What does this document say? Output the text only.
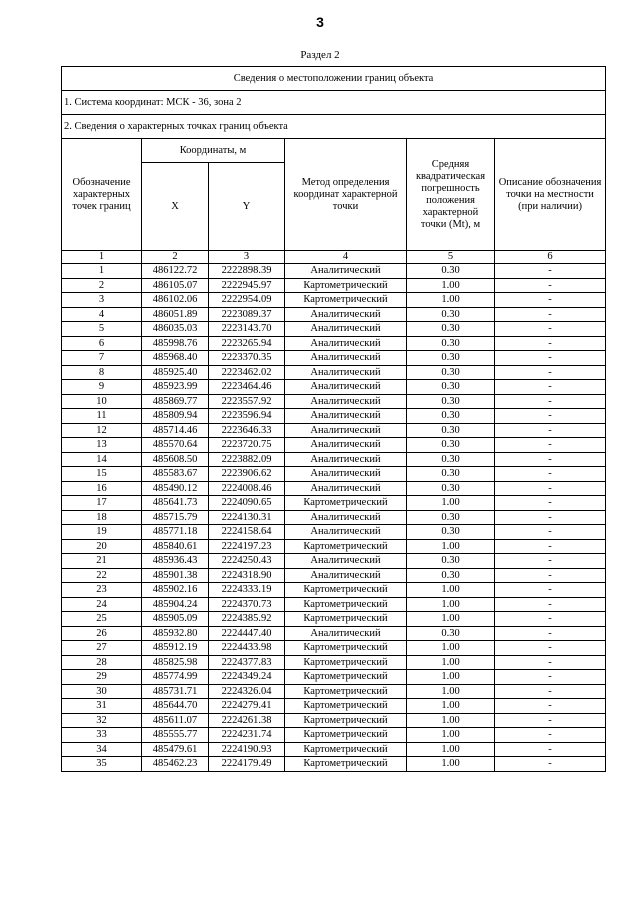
3
Раздел 2
Сведения о местоположении границ объекта					
1. Система координат: МСК - 36, зона 2					
2. Сведения о характерных точках границ объекта					
Обозначение характерных точек границ	Координаты, м		Метод определения координат характерной точки	Средняя квадратическая погрешность положения характерной точки (Mt), м	Описание обозначения точки на местности (при наличии)
	X	Y			
1	2	3	4	5	6
1	486122.72	2222898.39	Аналитический	0.30	-
2	486105.07	2222945.97	Картометрический	1.00	-
3	486102.06	2222954.09	Картометрический	1.00	-
4	486051.89	2223089.37	Аналитический	0.30	-
5	486035.03	2223143.70	Аналитический	0.30	-
6	485998.76	2223265.94	Аналитический	0.30	-
7	485968.40	2223370.35	Аналитический	0.30	-
8	485925.40	2223462.02	Аналитический	0.30	-
9	485923.99	2223464.46	Аналитический	0.30	-
10	485869.77	2223557.92	Аналитический	0.30	-
11	485809.94	2223596.94	Аналитический	0.30	-
12	485714.46	2223646.33	Аналитический	0.30	-
13	485570.64	2223720.75	Аналитический	0.30	-
14	485608.50	2223882.09	Аналитический	0.30	-
15	485583.67	2223906.62	Аналитический	0.30	-
16	485490.12	2224008.46	Аналитический	0.30	-
17	485641.73	2224090.65	Картометрический	1.00	-
18	485715.79	2224130.31	Аналитический	0.30	-
19	485771.18	2224158.64	Аналитический	0.30	-
20	485840.61	2224197.23	Картометрический	1.00	-
21	485936.43	2224250.43	Аналитический	0.30	-
22	485901.38	2224318.90	Аналитический	0.30	-
23	485902.16	2224333.19	Картометрический	1.00	-
24	485904.24	2224370.73	Картометрический	1.00	-
25	485905.09	2224385.92	Картометрический	1.00	-
26	485932.80	2224447.40	Аналитический	0.30	-
27	485912.19	2224433.98	Картометрический	1.00	-
28	485825.98	2224377.83	Картометрический	1.00	-
29	485774.99	2224349.24	Картометрический	1.00	-
30	485731.71	2224326.04	Картометрический	1.00	-
31	485644.70	2224279.41	Картометрический	1.00	-
32	485611.07	2224261.38	Картометрический	1.00	-
33	485555.77	2224231.74	Картометрический	1.00	-
34	485479.61	2224190.93	Картометрический	1.00	-
35	485462.23	2224179.49	Картометрический	1.00	-
